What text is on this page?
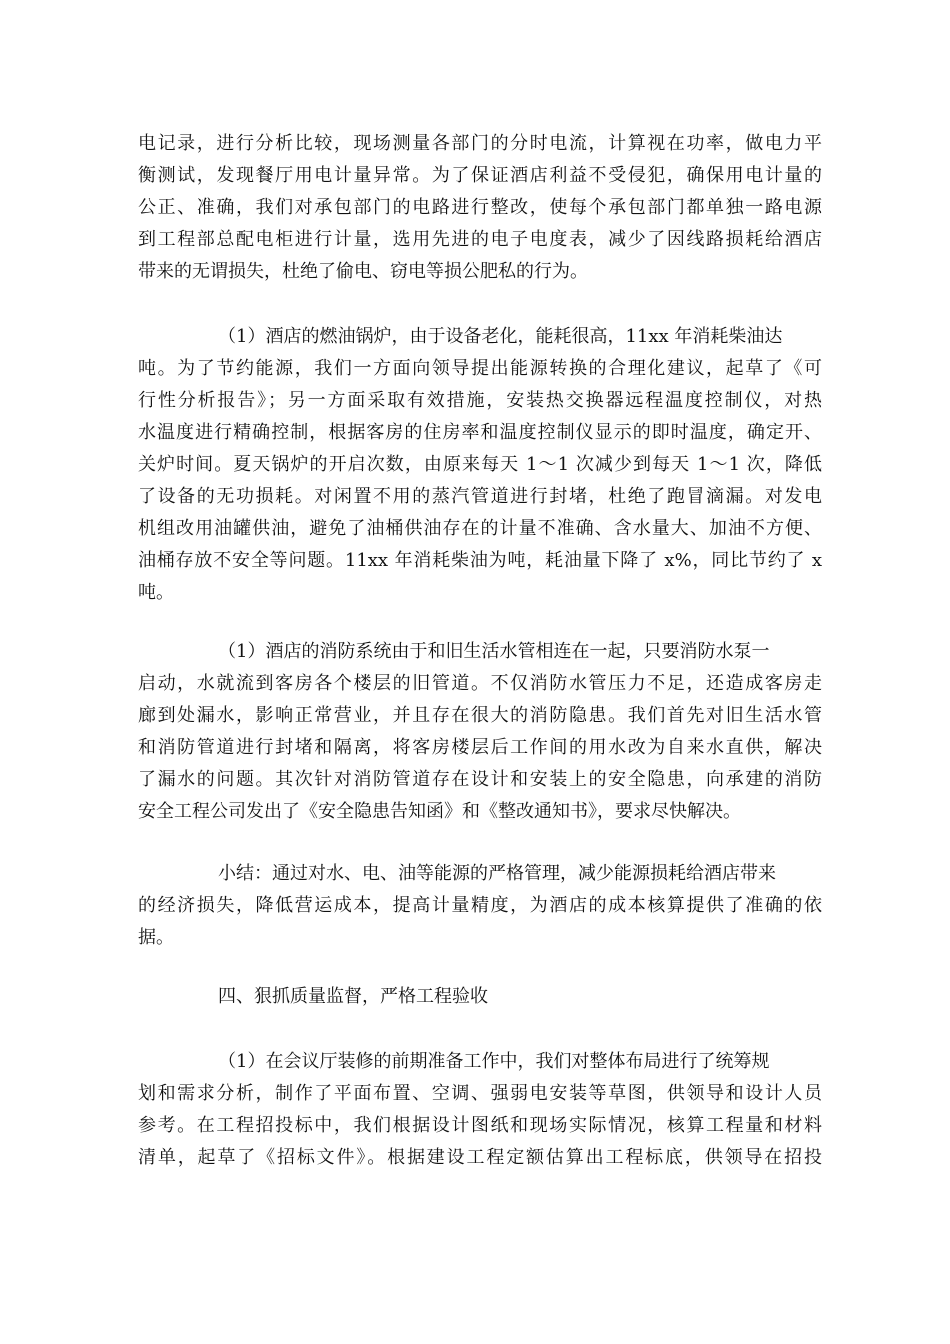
电记录，进行分析比较，现场测量各部门的分时电流，计算视在功率，做电力平
衡测试，发现餐厅用电计量异常。为了保证酒店利益不受侵犯，确保用电计量的
公正、准确，我们对承包部门的电路进行整改，使每个承包部门都单独一路电源
到工程部总配电柜进行计量，选用先进的电子电度表，减少了因线路损耗给酒店
带来的无谓损失，杜绝了偷电、窃电等损公肥私的行为。
（1）酒店的燃油锅炉，由于设备老化，能耗很高，11xx 年消耗柴油达
吨。为了节约能源，我们一方面向领导提出能源转换的合理化建议，起草了《可
行性分析报告》；另一方面采取有效措施，安装热交换器远程温度控制仪，对热
水温度进行精确控制，根据客房的住房率和温度控制仪显示的即时温度，确定开、
关炉时间。夏天锅炉的开启次数，由原来每天 1～1 次减少到每天 1～1 次，降低
了设备的无功损耗。对闲置不用的蒸汽管道进行封堵，杜绝了跑冒滴漏。对发电
机组改用油罐供油，避免了油桶供油存在的计量不准确、含水量大、加油不方便、
油桶存放不安全等问题。11xx 年消耗柴油为吨，耗油量下降了 x%，同比节约了 x
吨。
（1）酒店的消防系统由于和旧生活水管相连在一起，只要消防水泵一
启动，水就流到客房各个楼层的旧管道。不仅消防水管压力不足，还造成客房走
廊到处漏水，影响正常营业，并且存在很大的消防隐患。我们首先对旧生活水管
和消防管道进行封堵和隔离，将客房楼层后工作间的用水改为自来水直供，解决
了漏水的问题。其次针对消防管道存在设计和安装上的安全隐患，向承建的消防
安全工程公司发出了《安全隐患告知函》和《整改通知书》，要求尽快解决。
小结：通过对水、电、油等能源的严格管理，减少能源损耗给酒店带来
的经济损失，降低营运成本，提高计量精度，为酒店的成本核算提供了准确的依
据。
四、狠抓质量监督，严格工程验收
（1）在会议厅装修的前期准备工作中，我们对整体布局进行了统筹规
划和需求分析，制作了平面布置、空调、强弱电安装等草图，供领导和设计人员
参考。在工程招投标中，我们根据设计图纸和现场实际情况，核算工程量和材料
清单，起草了《招标文件》。根据建设工程定额估算出工程标底，供领导在招投
